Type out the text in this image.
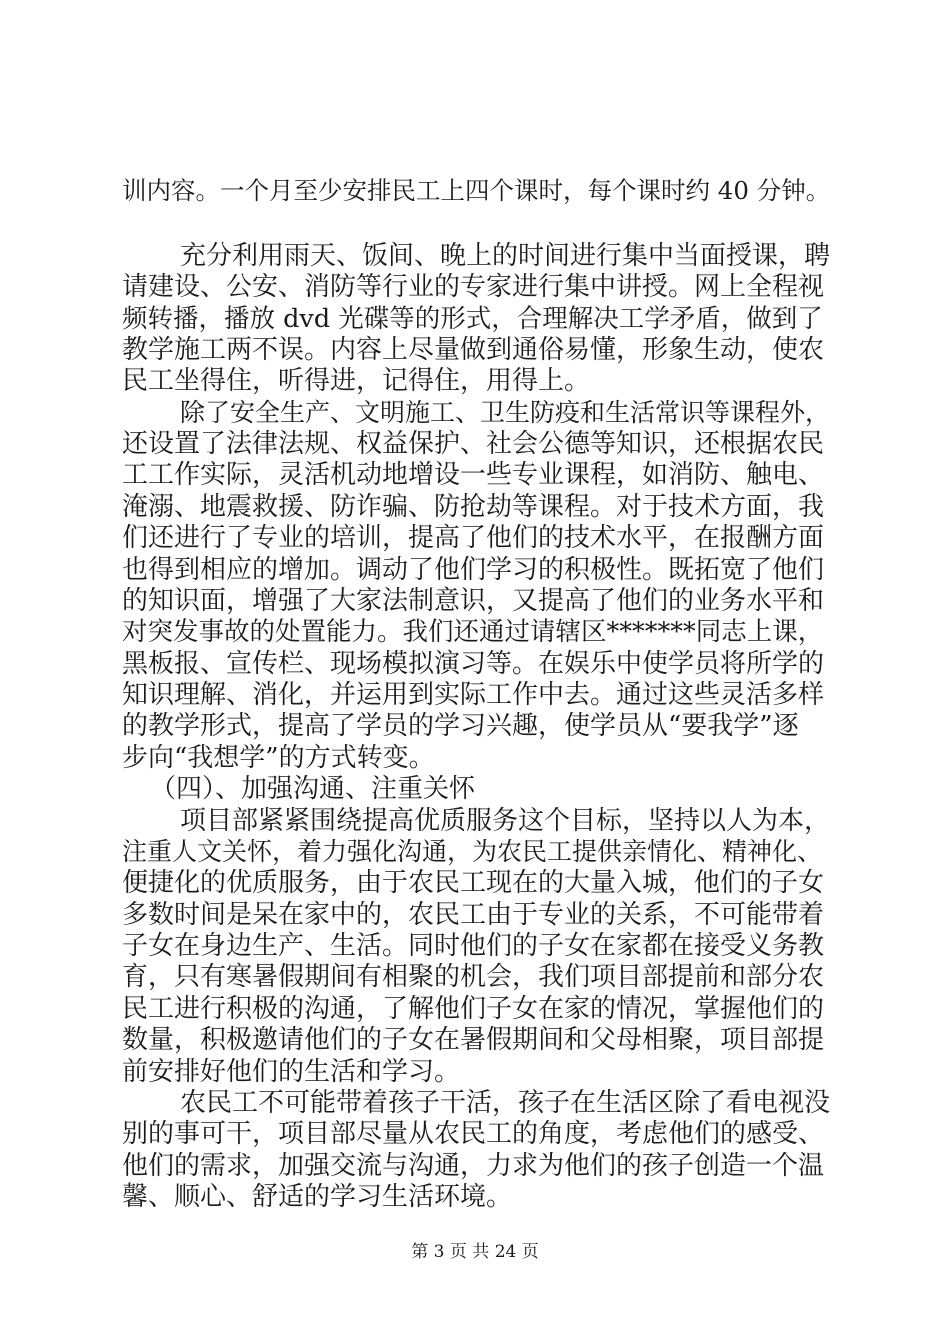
训内容。一个月至少安排民工上四个课时，每个课时约 40 分钟。
充分利用雨天、饭间、晚上的时间进行集中当面授课，聘
请建设、公安、消防等行业的专家进行集中讲授。网上全程视
频转播，播放 dvd 光碟等的形式，合理解决工学矛盾，做到了
教学施工两不误。内容上尽量做到通俗易懂，形象生动，使农
民工坐得住，听得进，记得住，用得上。
除了安全生产、文明施工、卫生防疫和生活常识等课程外，
还设置了法律法规、权益保护、社会公德等知识，还根据农民
工工作实际，灵活机动地增设一些专业课程，如消防、触电、
淹溺、地震救援、防诈骗、防抢劫等课程。对于技术方面，我
们还进行了专业的培训，提高了他们的技术水平，在报酬方面
也得到相应的增加。调动了他们学习的积极性。既拓宽了他们
的知识面，增强了大家法制意识，又提高了他们的业务水平和
对突发事故的处置能力。我们还通过请辖区*******同志上课，
黑板报、宣传栏、现场模拟演习等。在娱乐中使学员将所学的
知识理解、消化，并运用到实际工作中去。通过这些灵活多样
的教学形式，提高了学员的学习兴趣，使学员从“要我学”逐
步向“我想学”的方式转变。
（四）、加强沟通、注重关怀
项目部紧紧围绕提高优质服务这个目标，坚持以人为本，
注重人文关怀，着力强化沟通，为农民工提供亲情化、精神化、
便捷化的优质服务，由于农民工现在的大量入城，他们的子女
多数时间是呆在家中的，农民工由于专业的关系，不可能带着
子女在身边生产、生活。同时他们的子女在家都在接受义务教
育，只有寒暑假期间有相聚的机会，我们项目部提前和部分农
民工进行积极的沟通，了解他们子女在家的情况，掌握他们的
数量，积极邀请他们的子女在暑假期间和父母相聚，项目部提
前安排好他们的生活和学习。
农民工不可能带着孩子干活，孩子在生活区除了看电视没
别的事可干，项目部尽量从农民工的角度，考虑他们的感受、
他们的需求，加强交流与沟通，力求为他们的孩子创造一个温
馨、顺心、舒适的学习生活环境。
第 3 页 共 24 页
